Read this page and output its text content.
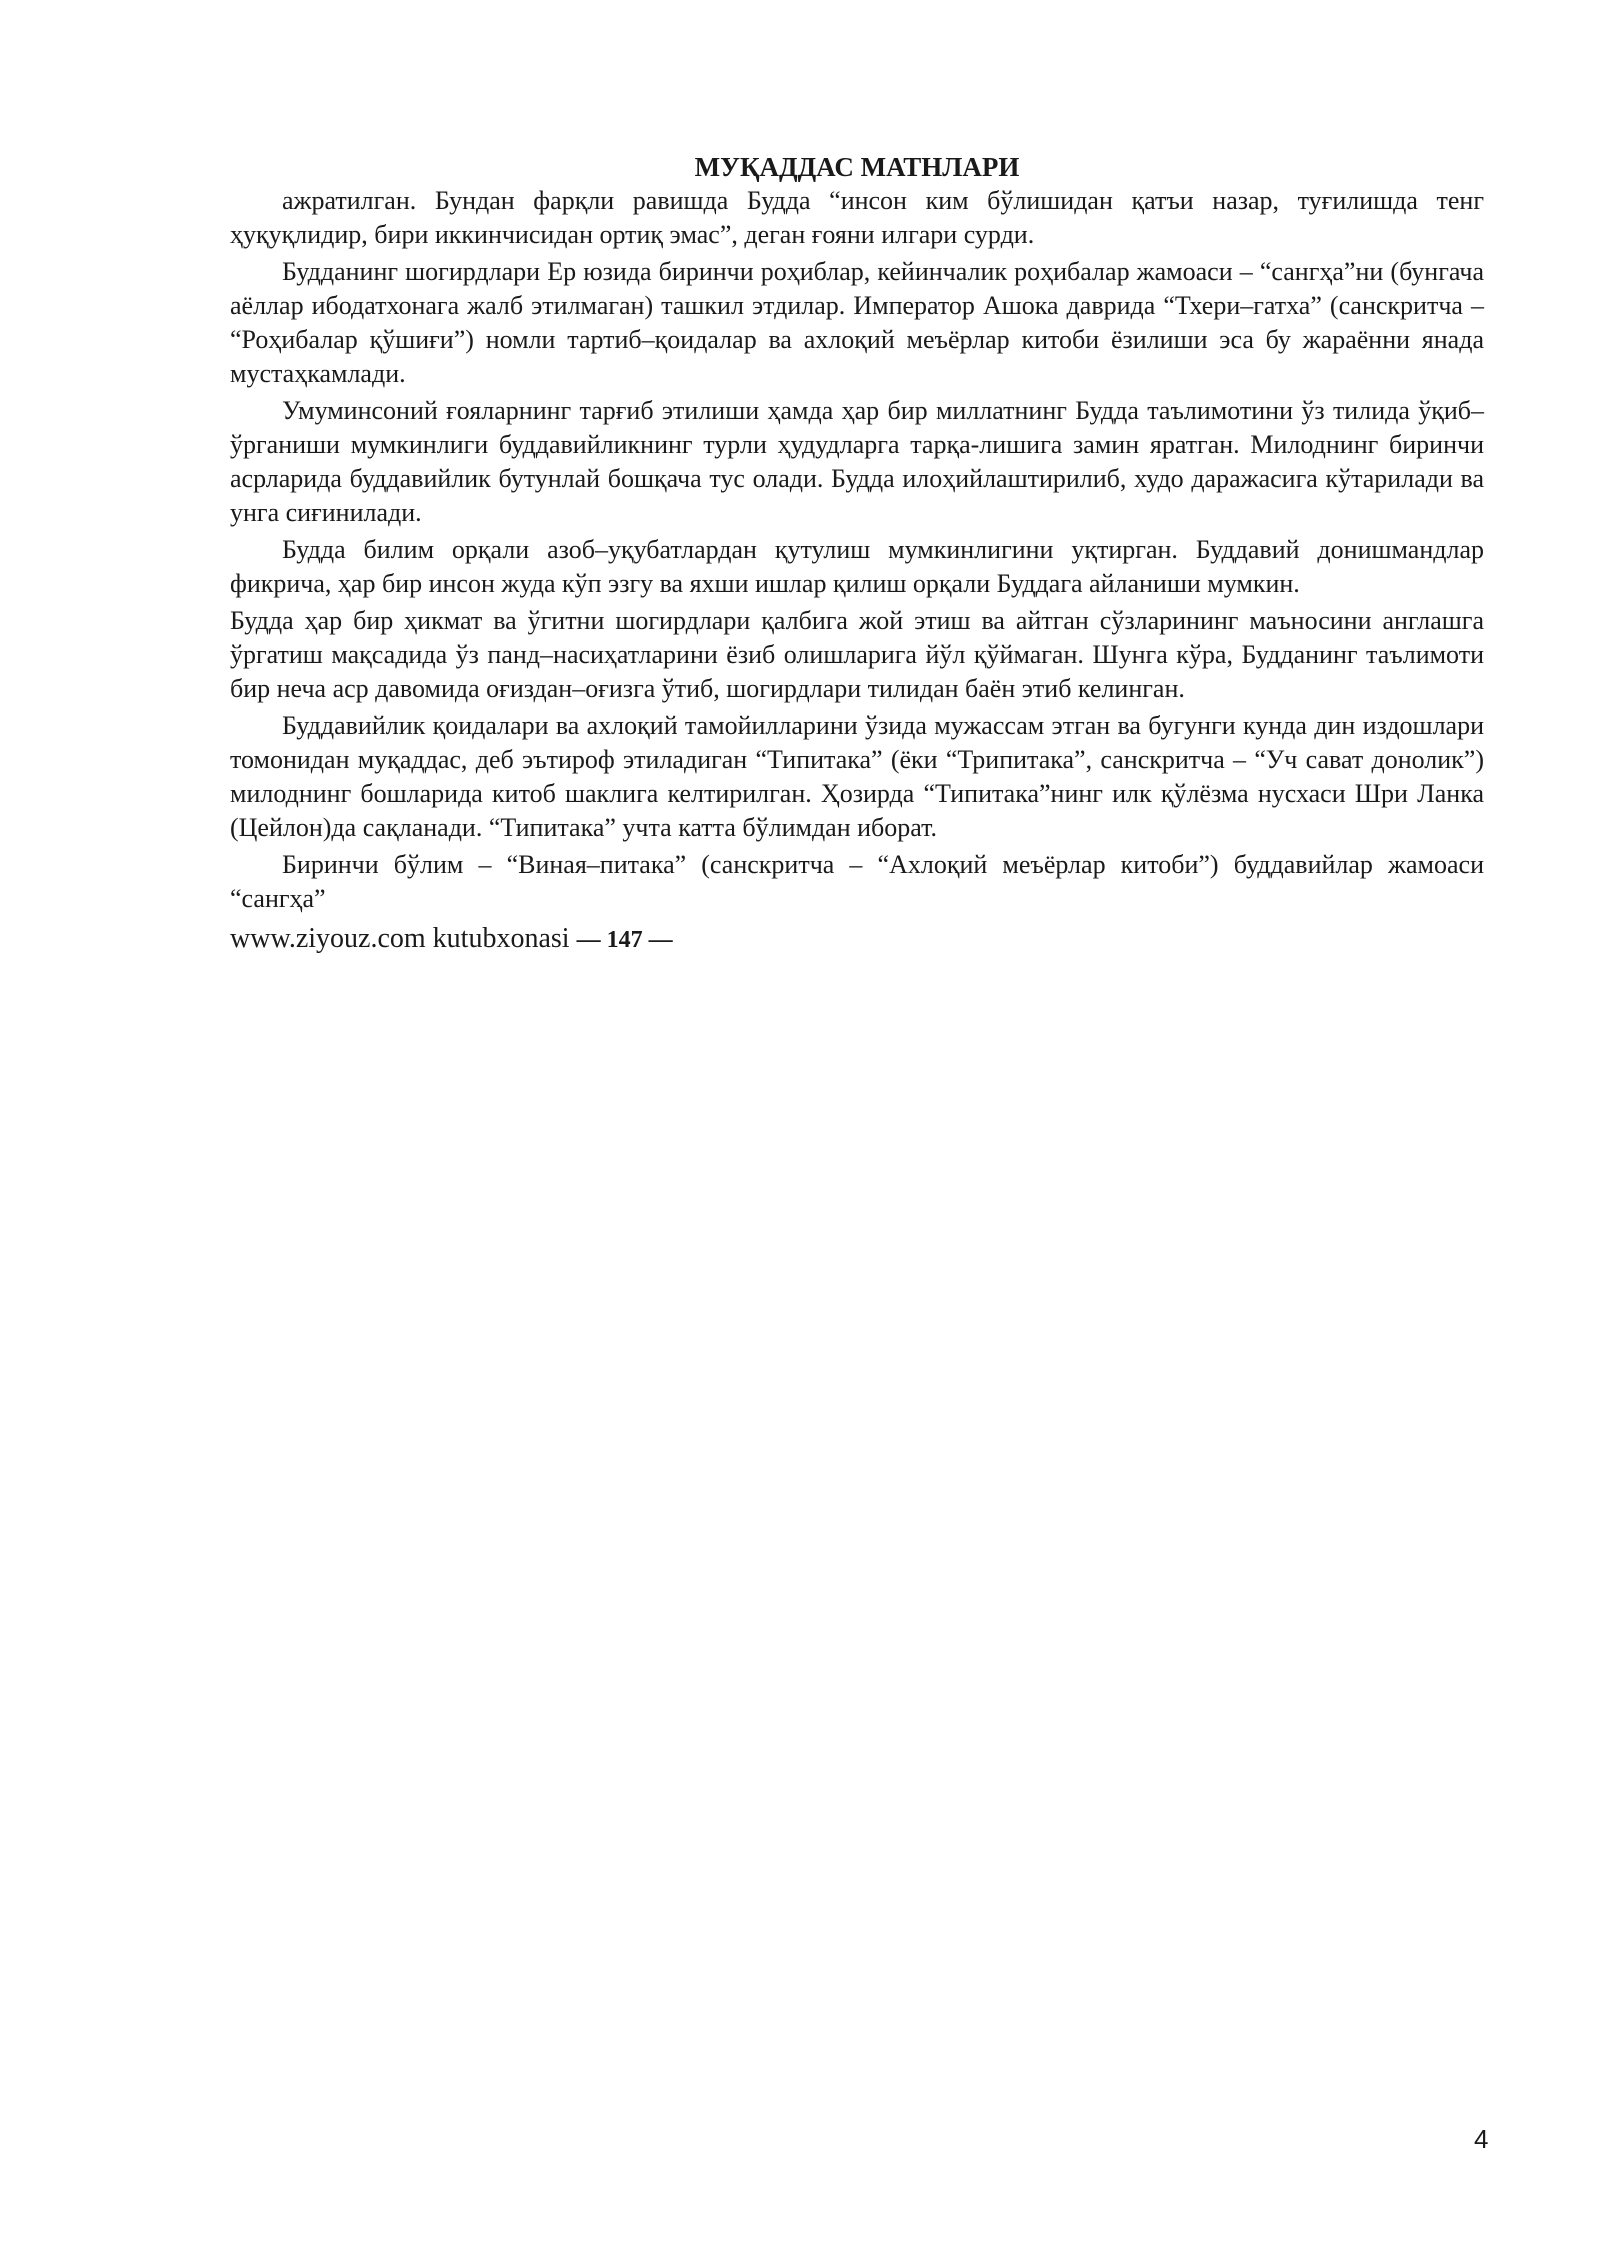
МУҚАДДАС МАТНЛАРИ

ажратилган. Бундан фарқли равишда Будда “инсон ким бўлишидан қатъи назар, туғилишда тенг ҳуқуқлидир, бири иккинчисидан ортиқ эмас”, деган ғояни илгари сурди.

Будданинг шогирдлари Ер юзида биринчи роҳиблар, кейинчалик роҳибалар жамоаси – “сангҳа”ни (бунгача аёллар ибодатхонага жалб этилмаган) ташкил этдилар. Император Ашока даврида “Тхери–гатха” (санскритча – “Роҳибалар қўшиғи”) номли тартиб–қоидалар ва ахлоқий меъёрлар китоби ёзилиши эса бу жараённи янада мустаҳкамлади.

Умуминсоний ғояларнинг тарғиб этилиши ҳамда ҳар бир миллатнинг Будда таълимотини ўз тилида ўқиб–ўрганиши мумкинлиги буддавийликнинг турли ҳудудларга тарқа-лишига замин яратган. Милоднинг биринчи асрларида буддавийлик бутунлай бошқача тус олади. Будда илоҳийлаштирилиб, худо даражасига кўтарилади ва унга сиғинилади.

Будда билим орқали азоб–уқубатлардан қутулиш мумкинлигини уқтирган. Буддавий донишмандлар фикрича, ҳар бир инсон жуда кўп эзгу ва яхши ишлар қилиш орқали Буддага айланиши мумкин.

Будда ҳар бир ҳикмат ва ўгитни шогирдлари қалбига жой этиш ва айтган сўзларининг маъносини англашга ўргатиш мақсадида ўз панд–насиҳатларини ёзиб олишларига йўл қўймаган. Шунга кўра, Будданинг таълимоти бир неча аср давомида оғиздан–оғизга ўтиб, шогирдлари тилидан баён этиб келинган.

Буддавийлик қоидалари ва ахлоқий тамойилларини ўзида мужассам этган ва бугунги кунда дин издошлари томонидан муқаддас, деб эътироф этиладиган “Типитака” (ёки “Трипитака”, санскритча – “Уч сават донолик”) милоднинг бошларида китоб шаклига келтирилган. Ҳозирда “Типитака”нинг илк қўлёзма нусхаси Шри Ланка (Цейлон)да сақланади. “Типитака” учта катта бўлимдан иборат.

Биринчи бўлим – “Виная–питака” (санскритча – “Ахлоқий меъёрлар китоби”) буддавийлар жамоаси “сангҳа”

www.ziyouz.com kutubxonasi — 147 —
4
